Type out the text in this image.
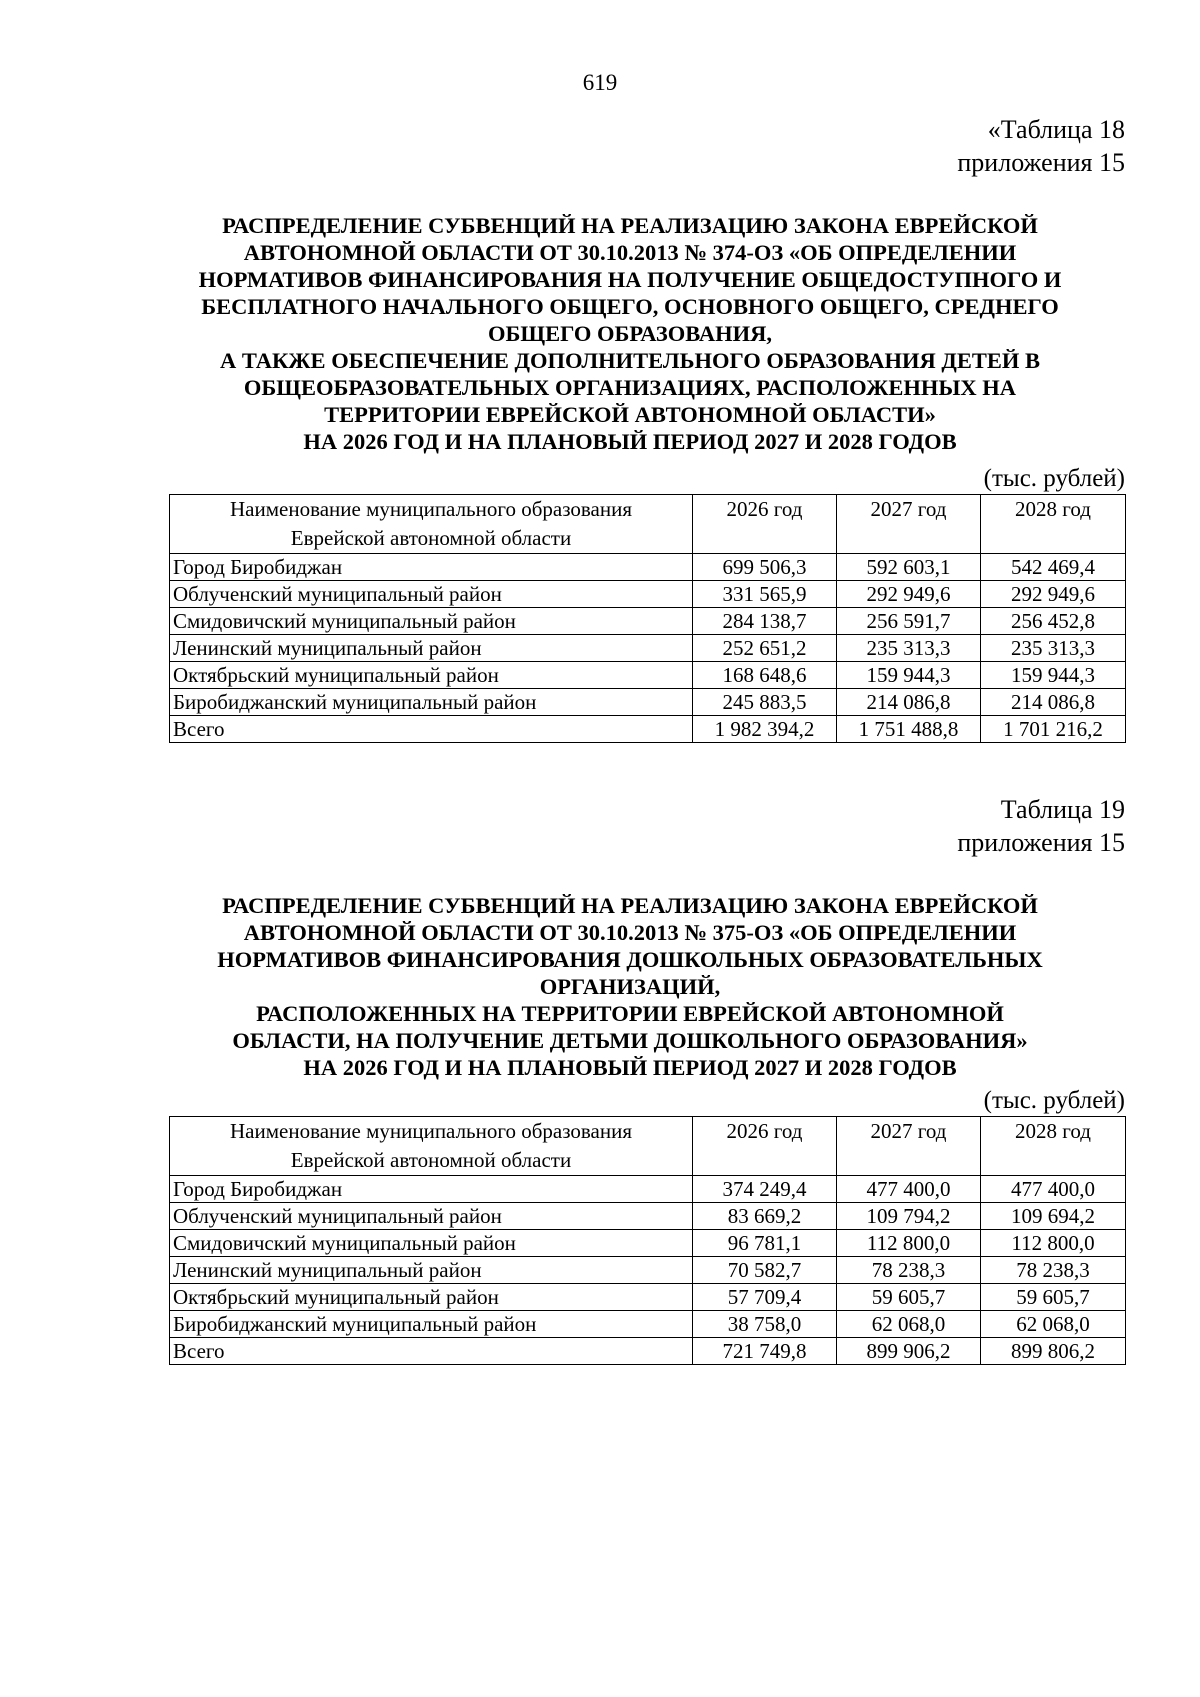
619
«Таблица 18
приложения 15
РАСПРЕДЕЛЕНИЕ СУБВЕНЦИЙ НА РЕАЛИЗАЦИЮ ЗАКОНА ЕВРЕЙСКОЙ
АВТОНОМНОЙ ОБЛАСТИ ОТ 30.10.2013 № 374-ОЗ «ОБ ОПРЕДЕЛЕНИИ
НОРМАТИВОВ ФИНАНСИРОВАНИЯ НА ПОЛУЧЕНИЕ ОБЩЕДОСТУПНОГО И
БЕСПЛАТНОГО НАЧАЛЬНОГО ОБЩЕГО, ОСНОВНОГО ОБЩЕГО, СРЕДНЕГО
ОБЩЕГО ОБРАЗОВАНИЯ,
А ТАКЖЕ ОБЕСПЕЧЕНИЕ ДОПОЛНИТЕЛЬНОГО ОБРАЗОВАНИЯ ДЕТЕЙ В
ОБЩЕОБРАЗОВАТЕЛЬНЫХ ОРГАНИЗАЦИЯХ, РАСПОЛОЖЕННЫХ НА
ТЕРРИТОРИИ ЕВРЕЙСКОЙ АВТОНОМНОЙ ОБЛАСТИ»
НА 2026 ГОД И НА ПЛАНОВЫЙ ПЕРИОД 2027 И 2028 ГОДОВ
(тыс. рублей)
Наименование муниципального образования
Еврейской автономной области	2026 год	2027 год	2028 год
Город Биробиджан	699 506,3	592 603,1	542 469,4
Облученский муниципальный район	331 565,9	292 949,6	292 949,6
Смидовичский муниципальный район	284 138,7	256 591,7	256 452,8
Ленинский муниципальный район	252 651,2	235 313,3	235 313,3
Октябрьский муниципальный район	168 648,6	159 944,3	159 944,3
Биробиджанский муниципальный район	245 883,5	214 086,8	214 086,8
Всего	1 982 394,2	1 751 488,8	1 701 216,2
Таблица 19
приложения 15
РАСПРЕДЕЛЕНИЕ СУБВЕНЦИЙ НА РЕАЛИЗАЦИЮ ЗАКОНА ЕВРЕЙСКОЙ
АВТОНОМНОЙ ОБЛАСТИ ОТ 30.10.2013 № 375-ОЗ «ОБ ОПРЕДЕЛЕНИИ
НОРМАТИВОВ ФИНАНСИРОВАНИЯ ДОШКОЛЬНЫХ ОБРАЗОВАТЕЛЬНЫХ
ОРГАНИЗАЦИЙ,
РАСПОЛОЖЕННЫХ НА ТЕРРИТОРИИ ЕВРЕЙСКОЙ АВТОНОМНОЙ
ОБЛАСТИ, НА ПОЛУЧЕНИЕ ДЕТЬМИ ДОШКОЛЬНОГО ОБРАЗОВАНИЯ»
НА 2026 ГОД И НА ПЛАНОВЫЙ ПЕРИОД 2027 И 2028 ГОДОВ
(тыс. рублей)
Наименование муниципального образования
Еврейской автономной области	2026 год	2027 год	2028 год
Город Биробиджан	374 249,4	477 400,0	477 400,0
Облученский муниципальный район	83 669,2	109 794,2	109 694,2
Смидовичский муниципальный район	96 781,1	112 800,0	112 800,0
Ленинский муниципальный район	70 582,7	78 238,3	78 238,3
Октябрьский муниципальный район	57 709,4	59 605,7	59 605,7
Биробиджанский муниципальный район	38 758,0	62 068,0	62 068,0
Всего	721 749,8	899 906,2	899 806,2
